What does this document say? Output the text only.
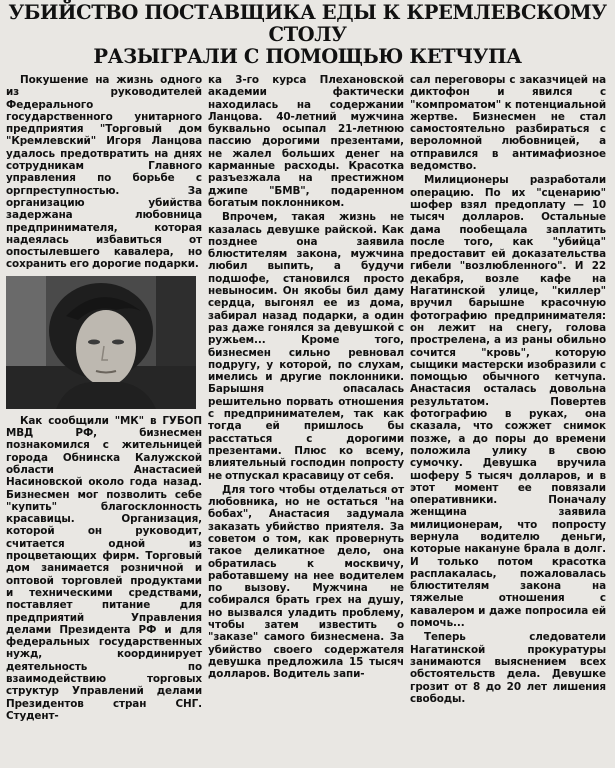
УБИЙСТВО ПОСТАВЩИКА ЕДЫ К КРЕМЛЕВСКОМУ СТОЛУ
РАЗЫГРАЛИ С ПОМОЩЬЮ КЕТЧУПА

Покушение на жизнь одного из руководителей Федерального государственного унитарного предприятия "Торговый дом "Кремлевский" Игоря Ланцова удалось предотвратить на днях сотрудникам Главного управления по борьбе с оргпреступностью. За организацию убийства задержана любовница предпринимателя, которая надеялась избавиться от опостылевшего кавалера, но сохранить его дорогие подарки.

Как сообщили "МК" в ГУБОП МВД РФ, бизнесмен познакомился с жительницей города Обнинска Калужской области Анастасией Насиновской около года назад. Бизнесмен мог позволить себе "купить" благосклонность красавицы. Организация, которой он руководит, считается одной из процветающих фирм. Торговый дом занимается розничной и оптовой торговлей продуктами и техническими средствами, поставляет питание для предприятий Управления делами Президента РФ и для федеральных государственных нужд, координирует деятельность по взаимодействию торговых структур Управлений делами Президентов стран СНГ. Студент-

ка 3-го курса Плехановской академии фактически находилась на содержании Ланцова. 40-летний мужчина буквально осыпал 21-летнюю пассию дорогими презентами, не жалел больших денег на карманные расходы. Красотка разъезжала на престижном джипе "БМВ", подаренном богатым поклонником.

Впрочем, такая жизнь не казалась девушке райской. Как позднее она заявила блюстителям закона, мужчина любил выпить, а будучи подшофе, становился просто невыносим. Он якобы бил даму сердца, выгонял ее из дома, забирал назад подарки, а один раз даже гонялся за девушкой с ружьем... Кроме того, бизнесмен сильно ревновал подругу, у которой, по слухам, имелись и другие поклонники. Барышня опасалась решительно порвать отношения с предпринимателем, так как тогда ей пришлось бы расстаться с дорогими презентами. Плюс ко всему, влиятельный господин попросту не отпускал красавицу от себя.

Для того чтобы отделаться от любовника, но не остаться "на бобах", Анастасия задумала заказать убийство приятеля. За советом о том, как провернуть такое деликатное дело, она обратилась к москвичу, работавшему на нее водителем по вызову. Мужчина не собирался брать грех на душу, но вызвался уладить проблему, чтобы затем известить о "заказе" самого бизнесмена. За убийство своего содержателя девушка предложила 15 тысяч долларов. Водитель запи-

сал переговоры с заказчицей на диктофон и явился с "компроматом" к потенциальной жертве. Бизнесмен не стал самостоятельно разбираться с вероломной любовницей, а отправился в антимафиозное ведомство.

Милиционеры разработали операцию. По их "сценарию" шофер взял предоплату — 10 тысяч долларов. Остальные дама пообещала заплатить после того, как "убийца" предоставит ей доказательства гибели "возлюбленного". И 22 декабря, возле кафе на Нагатинской улице, "киллер" вручил барышне красочную фотографию предпринимателя: он лежит на снегу, голова прострелена, а из раны обильно сочится "кровь", которую сыщики мастерски изобразили с помощью обычного кетчупа. Анастасия осталась довольна результатом. Повертев фотографию в руках, она сказала, что сожжет снимок позже, а до поры до времени положила улику в свою сумочку. Девушка вручила шоферу 5 тысяч долларов, и в этот момент ее повязали оперативники. Поначалу женщина заявила милиционерам, что попросту вернула водителю деньги, которые накануне брала в долг. И только потом красотка расплакалась, пожаловалась блюстителям закона на тяжелые отношения с кавалером и даже попросила ей помочь...

Теперь следователи Нагатинской прокуратуры занимаются выяснением всех обстоятельств дела. Девушке грозит от 8 до 20 лет лишения свободы.
